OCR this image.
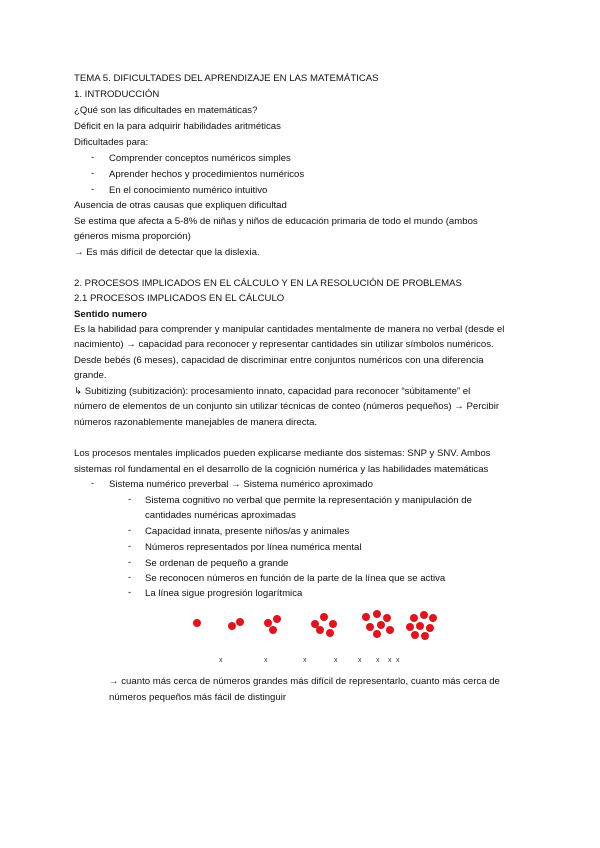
TEMA 5. DIFICULTADES DEL APRENDIZAJE EN LAS MATEMÁTICAS
1. INTRODUCCIÓN
¿Qué son las dificultades en matemáticas?
Déficit en la para adquirir habilidades aritméticas
Dificultades para:
- Comprender conceptos numéricos simples
- Aprender hechos y procedimientos numéricos
- En el conocimiento numérico intuitivo
Ausencia de otras causas que expliquen dificultad
Se estima que afecta a 5-8% de niñas y niños de educación primaria de todo el mundo (ambos
géneros misma proporción)
→ Es más difícil de detectar que la dislexia.
2. PROCESOS IMPLICADOS EN EL CÁLCULO Y EN LA RESOLUCIÓN DE PROBLEMAS
2.1 PROCESOS IMPLICADOS EN EL CÁLCULO
Sentido numero
Es la habilidad para comprender y manipular cantidades mentalmente de manera no verbal (desde el
nacimiento) → capacidad para reconocer y representar cantidades sin utilizar símbolos numéricos.
Desde bebés (6 meses), capacidad de discriminar entre conjuntos numéricos con una diferencia
grande.
↳ Subitizing (subitización): procesamiento innato, capacidad para reconocer “súbitamente” el
número de elementos de un conjunto sin utilizar técnicas de conteo (números pequeños) → Percibir
números razonablemente manejables de manera directa.
Los procesos mentales implicados pueden explicarse mediante dos sistemas: SNP y SNV. Ambos
sistemas rol fundamental en el desarrollo de la cognición numérica y las habilidades matemáticas
- Sistema numérico preverbal → Sistema numérico aproximado
- Sistema cognitivo no verbal que permite la representación y manipulación de
cantidades numéricas aproximadas
- Capacidad innata, presente niños/as y animales
- Números representados por línea numérica mental
- Se ordenan de pequeño a grande
- Se reconocen números en función de la parte de la línea que se activa
- La línea sigue progresión logarítmica
x	x	x	x	x x x x
→ cuanto más cerca de números grandes más difícil de representarlo, cuanto más cerca de
números pequeños más fácil de distinguir
